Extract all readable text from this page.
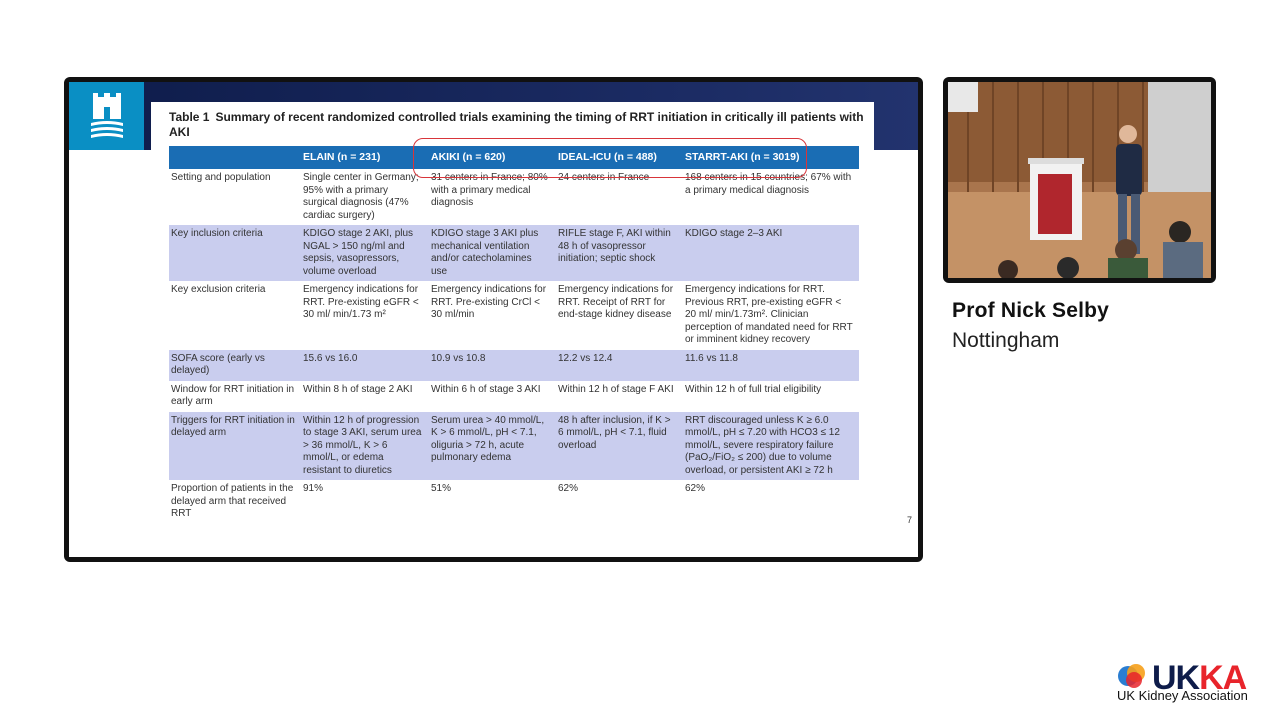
Table 1 Summary of recent randomized controlled trials examining the timing of RRT initiation in critically ill patients with AKI
	ELAIN (n = 231)	AKIKI (n = 620)	IDEAL-ICU (n = 488)	STARRT-AKI (n = 3019)
Setting and population	Single center in Germany; 95% with a primary surgical diagnosis (47% cardiac surgery)	31 centers in France; 80% with a primary medical diagnosis	24 centers in France	168 centers in 15 countries; 67% with a primary medical diagnosis
Key inclusion criteria	KDIGO stage 2 AKI, plus NGAL > 150 ng/ml and sepsis, vasopressors, volume overload	KDIGO stage 3 AKI plus mechanical ventilation and/or catecholamines use	RIFLE stage F, AKI within 48 h of vasopressor initiation; septic shock	KDIGO stage 2–3 AKI
Key exclusion criteria	Emergency indications for RRT. Pre-existing eGFR < 30 ml/ min/1.73 m²	Emergency indications for RRT. Pre-existing CrCl < 30 ml/min	Emergency indications for RRT. Receipt of RRT for end-stage kidney disease	Emergency indications for RRT. Previous RRT, pre-existing eGFR < 20 ml/ min/1.73m². Clinician perception of mandated need for RRT or imminent kidney recovery
SOFA score (early vs delayed)	15.6 vs 16.0	10.9 vs 10.8	12.2 vs 12.4	11.6 vs 11.8
Window for RRT initiation in early arm	Within 8 h of stage 2 AKI	Within 6 h of stage 3 AKI	Within 12 h of stage F AKI	Within 12 h of full trial eligibility
Triggers for RRT initiation in delayed arm	Within 12 h of progression to stage 3 AKI, serum urea > 36 mmol/L, K > 6 mmol/L, or edema resistant to diuretics	Serum urea > 40 mmol/L, K > 6 mmol/L, pH < 7.1, oliguria > 72 h, acute pulmonary edema	48 h after inclusion, if K > 6 mmol/L, pH < 7.1, fluid overload	RRT discouraged unless K ≥ 6.0 mmol/L, pH ≤ 7.20 with HCO3 ≤ 12 mmol/L, severe respiratory failure (PaO₂/FiO₂ ≤ 200) due to volume overload, or persistent AKI ≥ 72 h
Proportion of patients in the delayed arm that received RRT	91%	51%	62%	62%
7
Prof Nick Selby
Nottingham
UKKA
UK Kidney Association
